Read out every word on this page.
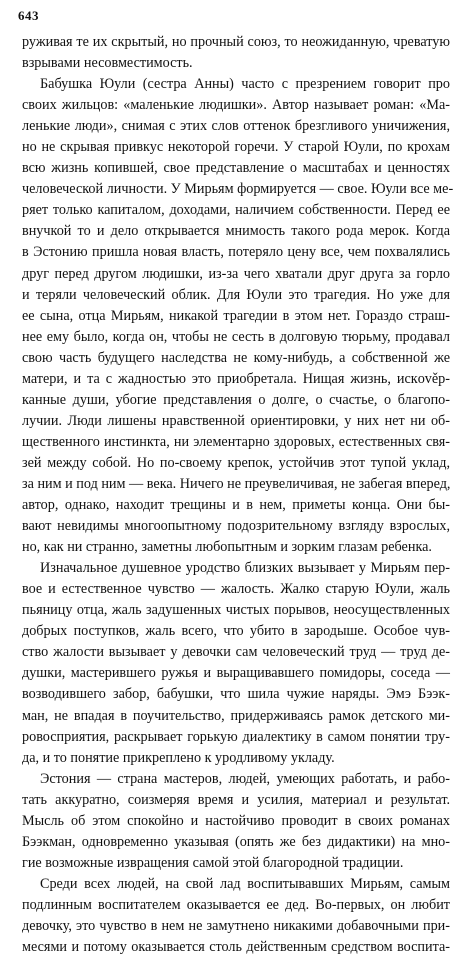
643

руживая те их скрытый, но прочный союз, то неожиданную, чреватую

взрывами несовместимость.

Бабушка Юули (сестра Анны) часто с презрением говорит про

своих жильцов: «маленькие людишки». Автор называет роман: «Ма-

ленькие люди», снимая с этих слов оттенок брезгливого уничижения,

но не скрывая привкус некоторой горечи. У старой Юули, по крохам

всю жизнь копившей, свое представление о масштабах и ценностях

человеческой личности. У Мирьям формируется — свое. Юули все ме-

ряет только капиталом, доходами, наличием собственности. Перед ее

внучкой то и дело открывается мнимость такого рода мерок. Когда

в Эстонию пришла новая власть, потеряло цену все, чем похвалялись

друг перед другом людишки, из-за чего хватали друг друга за горло

и теряли человеческий облик. Для Юули это трагедия. Но уже для

ее сына, отца Мирьям, никакой трагедии в этом нет. Гораздо страш-

нее ему было, когда он, чтобы не сесть в долговую тюрьму, продавал

свою часть будущего наследства не кому-нибудь, а собственной же

матери, и та с жадностью это приобретала. Нищая жизнь, искověр-

канные души, убогие представления о долге, о счастье, о благопо-

лучии. Люди лишены нравственной ориентировки, у них нет ни об-

щественного инстинкта, ни элементарно здоровых, естественных свя-

зей между собой. Но по-своему крепок, устойчив этот тупой уклад,

за ним и под ним — века. Ничего не преувеличивая, не забегая вперед,

автор, однако, находит трещины и в нем, приметы конца. Они бы-

вают невидимы многоопытному подозрительному взгляду взрослых,

но, как ни странно, заметны любопытным и зорким глазам ребенка.

Изначальное душевное уродство близких вызывает у Мирьям пер-

вое и естественное чувство — жалость. Жалко старую Юули, жаль

пьяницу отца, жаль задушенных чистых порывов, неосуществленных

добрых поступков, жаль всего, что убито в зародыше. Особое чув-

ство жалости вызывает у девочки сам человеческий труд — труд де-

душки, мастерившего ружья и выращивавшего помидоры, соседа —

возводившего забор, бабушки, что шила чужие наряды. Эмэ Бээк-

ман, не впадая в поучительство, придерживаясь рамок детского ми-

ровосприятия, раскрывает горькую диалектику в самом понятии тру-

да, и то понятие прикреплено к уродливому укладу.

Эстония — страна мастеров, людей, умеющих работать, и рабо-

тать аккуратно, соизмеряя время и усилия, материал и результат.

Мысль об этом спокойно и настойчиво проводит в своих романах

Бээкман, одновременно указывая (опять же без дидактики) на мно-

гие возможные извращения самой этой благородной традиции.

Среди всех людей, на свой лад воспитывавших Мирьям, самым

подлинным воспитателем оказывается ее дед. Во-первых, он любит

девочку, это чувство в нем не замутнено никакими добавочными при-

месями и потому оказывается столь действенным средством воспита-
